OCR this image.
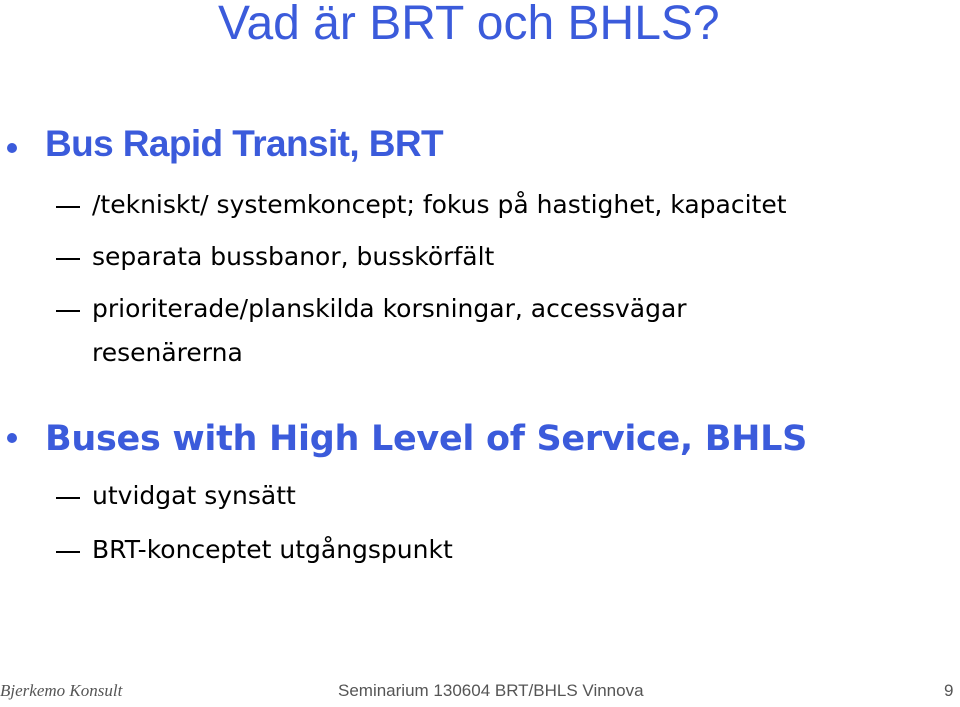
Vad är BRT och BHLS?
Bus Rapid Transit, BRT
/tekniskt/ systemkoncept; fokus på hastighet, kapacitet
separata bussbanor, busskörfält
prioriterade/planskilda korsningar, accessvägar
resenärerna
Buses with High Level of Service, BHLS
utvidgat synsätt
BRT-konceptet utgångspunkt
Bjerkemo Konsult	Seminarium 130604 BRT/BHLS Vinnova	9
